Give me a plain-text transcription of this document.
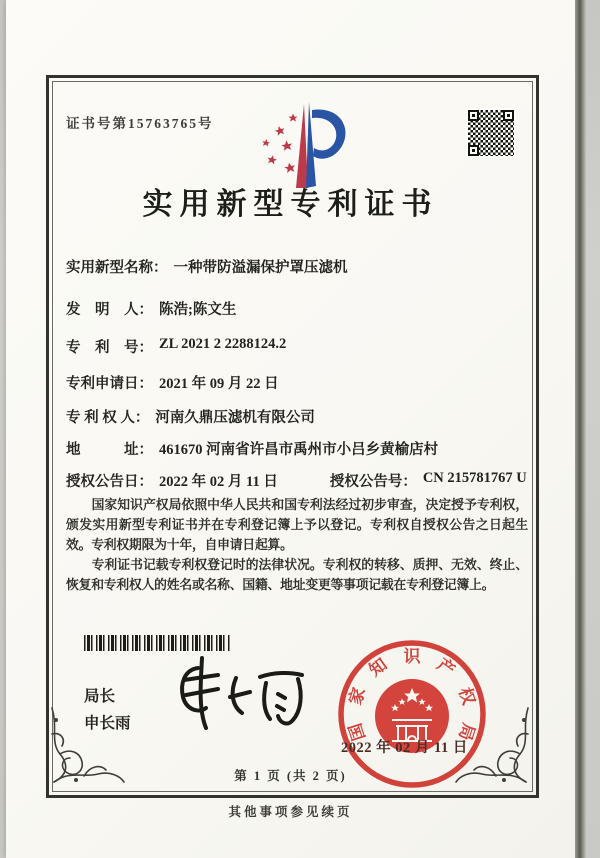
证书号第15763765号
实用新型专利证书
实用新型名称： 一种带防溢漏保护罩压滤机
发　明　人： 陈浩;陈文生
专　利　号： ZL 2021 2 2288124.2
专利申请日： 2021 年 09 月 22 日
专 利 权 人： 河南久鼎压滤机有限公司
地　　　址： 461670 河南省许昌市禹州市小吕乡黄榆店村
授权公告日： 2022 年 02 月 11 日	授权公告号： CN 215781767 U

国家知识产权局依照中华人民共和国专利法经过初步审查，决定授予专利权，颁发实用新型专利证书并在专利登记簿上予以登记。专利权自授权公告之日起生效。专利权期限为十年，自申请日起算。

专利证书记载专利权登记时的法律状况。专利权的转移、质押、无效、终止、恢复和专利权人的姓名或名称、国籍、地址变更等事项记载在专利登记簿上。

局长
申长雨	国
家
知 识 产
权
局
2022 年 02 月 11 日
第 1 页 (共 2 页)
其他事项参见续页
